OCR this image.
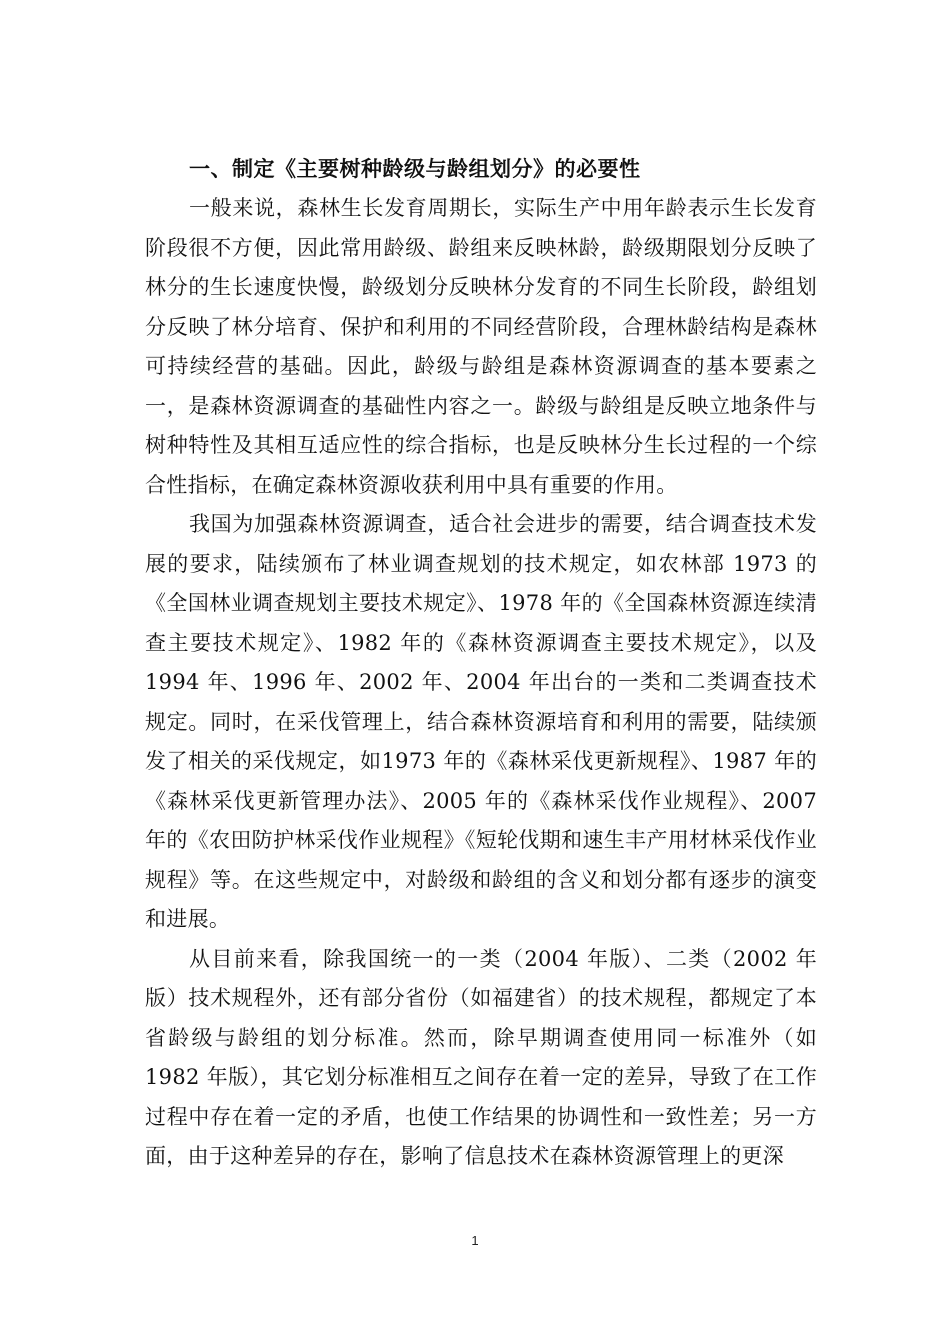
一、制定《主要树种龄级与龄组划分》的必要性

一般来说，森林生长发育周期长，实际生产中用年龄表示生长发育阶段很不方便，因此常用龄级、龄组来反映林龄，龄级期限划分反映了林分的生长速度快慢，龄级划分反映林分发育的不同生长阶段，龄组划分反映了林分培育、保护和利用的不同经营阶段，合理林龄结构是森林可持续经营的基础。因此，龄级与龄组是森林资源调查的基本要素之一，是森林资源调查的基础性内容之一。龄级与龄组是反映立地条件与树种特性及其相互适应性的综合指标，也是反映林分生长过程的一个综合性指标，在确定森林资源收获利用中具有重要的作用。

我国为加强森林资源调查，适合社会进步的需要，结合调查技术发展的要求，陆续颁布了林业调查规划的技术规定，如农林部 1973 的《全国林业调查规划主要技术规定》、1978 年的《全国森林资源连续清查主要技术规定》、1982 年的《森林资源调查主要技术规定》，以及 1994 年、1996 年、2002 年、2004 年出台的一类和二类调查技术规定。同时，在采伐管理上，结合森林资源培育和利用的需要，陆续颁发了相关的采伐规定，如1973 年的《森林采伐更新规程》、1987 年的《森林采伐更新管理办法》、2005 年的《森林采伐作业规程》、2007 年的《农田防护林采伐作业规程》《短轮伐期和速生丰产用材林采伐作业规程》等。在这些规定中，对龄级和龄组的含义和划分都有逐步的演变和进展。

从目前来看，除我国统一的一类（2004 年版）、二类（2002 年版）技术规程外，还有部分省份（如福建省）的技术规程，都规定了本省龄级与龄组的划分标准。然而，除早期调查使用同一标准外（如 1982 年版），其它划分标准相互之间存在着一定的差异，导致了在工作过程中存在着一定的矛盾，也使工作结果的协调性和一致性差；另一方面，由于这种差异的存在，影响了信息技术在森林资源管理上的更深

1
